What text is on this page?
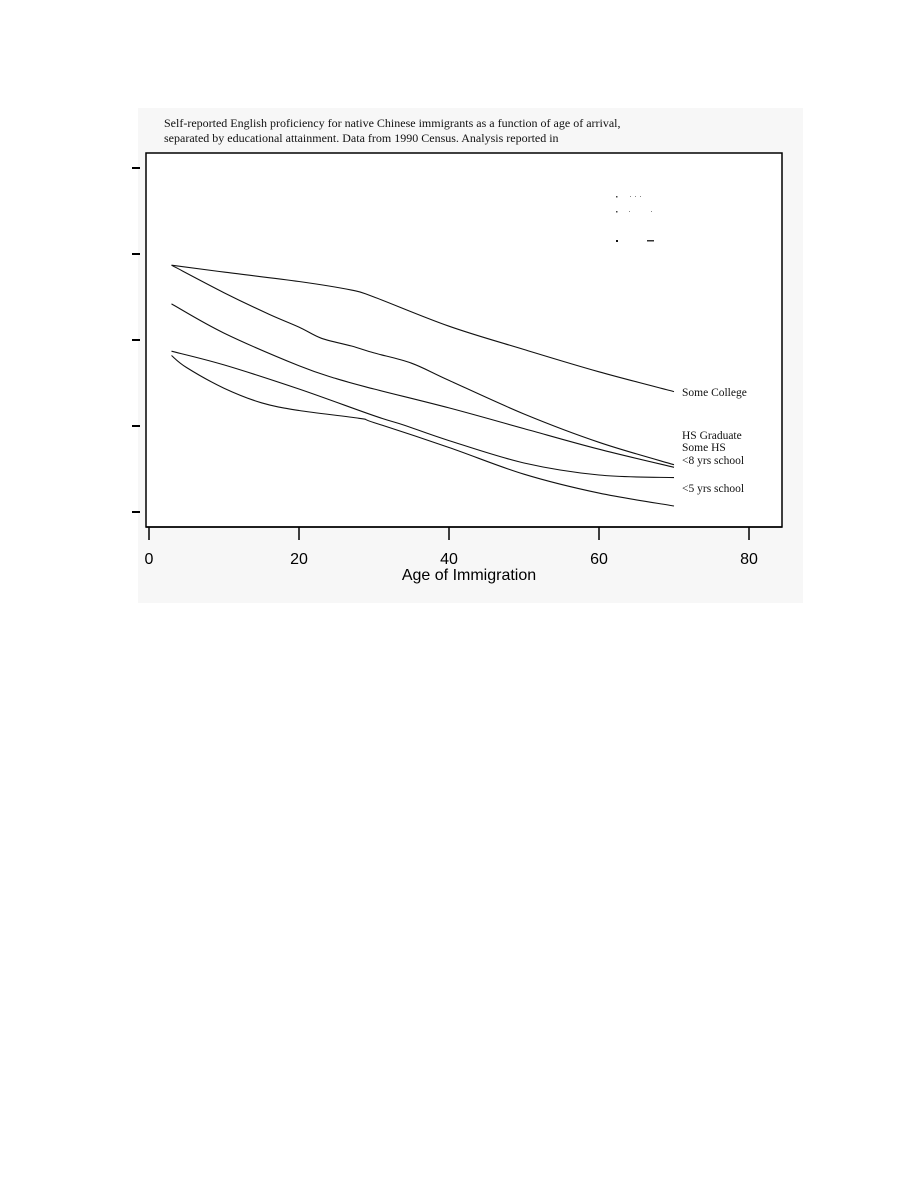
Self-reported English proficiency for native Chinese immigrants as a function of age of arrival,
separated by educational attainment. Data from 1990 Census. Analysis reported in
0	20	40	60	80
Some College
HS Graduate
Some HS
<8 yrs school
<5 yrs school
Age of Immigration
